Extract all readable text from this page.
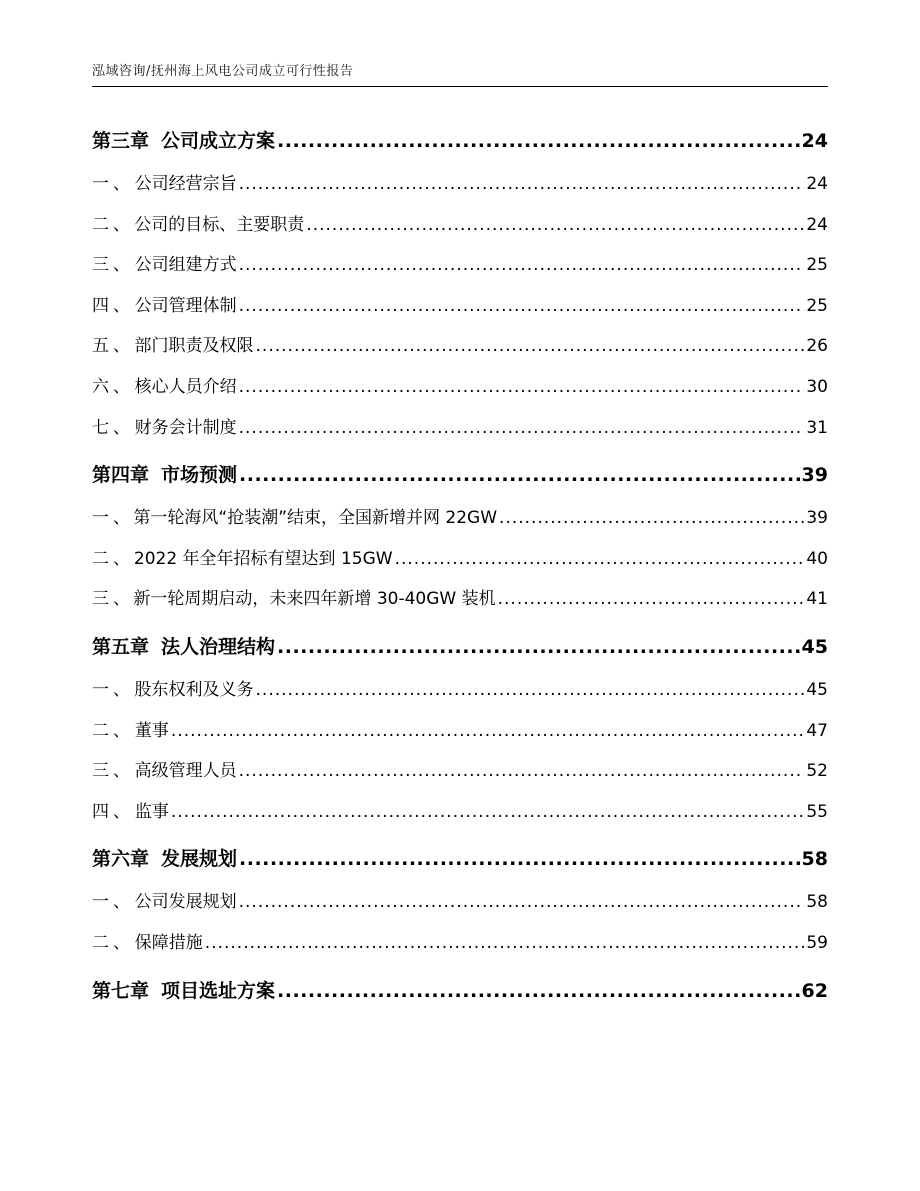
泓域咨询/抚州海上风电公司成立可行性报告
第三章 公司成立方案 .....	24
一、 公司经营宗旨 .....	24
二、 公司的目标、主要职责 .....	24
三、 公司组建方式 .....	25
四、 公司管理体制 .....	25
五、 部门职责及权限 .....	26
六、 核心人员介绍 .....	30
七、 财务会计制度 .....	31
第四章 市场预测 .....	39
一、 第一轮海风“抢装潮”结束，全国新增并网 22GW .....	39
二、 2022 年全年招标有望达到 15GW .....	40
三、 新一轮周期启动，未来四年新增 30-40GW 装机 .....	41
第五章 法人治理结构 .....	45
一、 股东权利及义务 .....	45
二、 董事 .....	47
三、 高级管理人员 .....	52
四、 监事 .....	55
第六章 发展规划 .....	58
一、 公司发展规划 .....	58
二、 保障措施 .....	59
第七章 项目选址方案 .....	62
